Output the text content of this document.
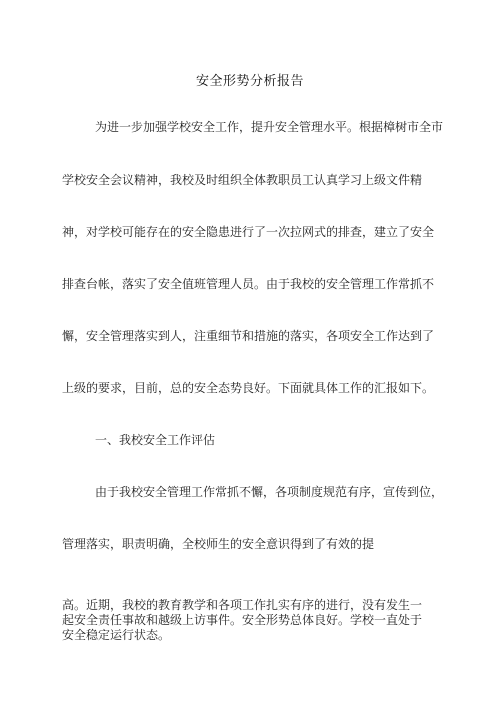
安全形势分析报告
为进一步加强学校安全工作，提升安全管理水平。根据樟树市全市
学校安全会议精神，我校及时组织全体教职员工认真学习上级文件精
神，对学校可能存在的安全隐患进行了一次拉网式的排查，建立了安全
排查台帐，落实了安全值班管理人员。由于我校的安全管理工作常抓不
懈，安全管理落实到人，注重细节和措施的落实，各项安全工作达到了
上级的要求，目前，总的安全态势良好。下面就具体工作的汇报如下。
一、我校安全工作评估
由于我校安全管理工作常抓不懈，各项制度规范有序，宣传到位，
管理落实，职责明确，全校师生的安全意识得到了有效的提
高。近期，我校的教育教学和各项工作扎实有序的进行，没有发生一起安全责任事故和越级上访事件。安全形势总体良好。学校一直处于安全稳定运行状态。
